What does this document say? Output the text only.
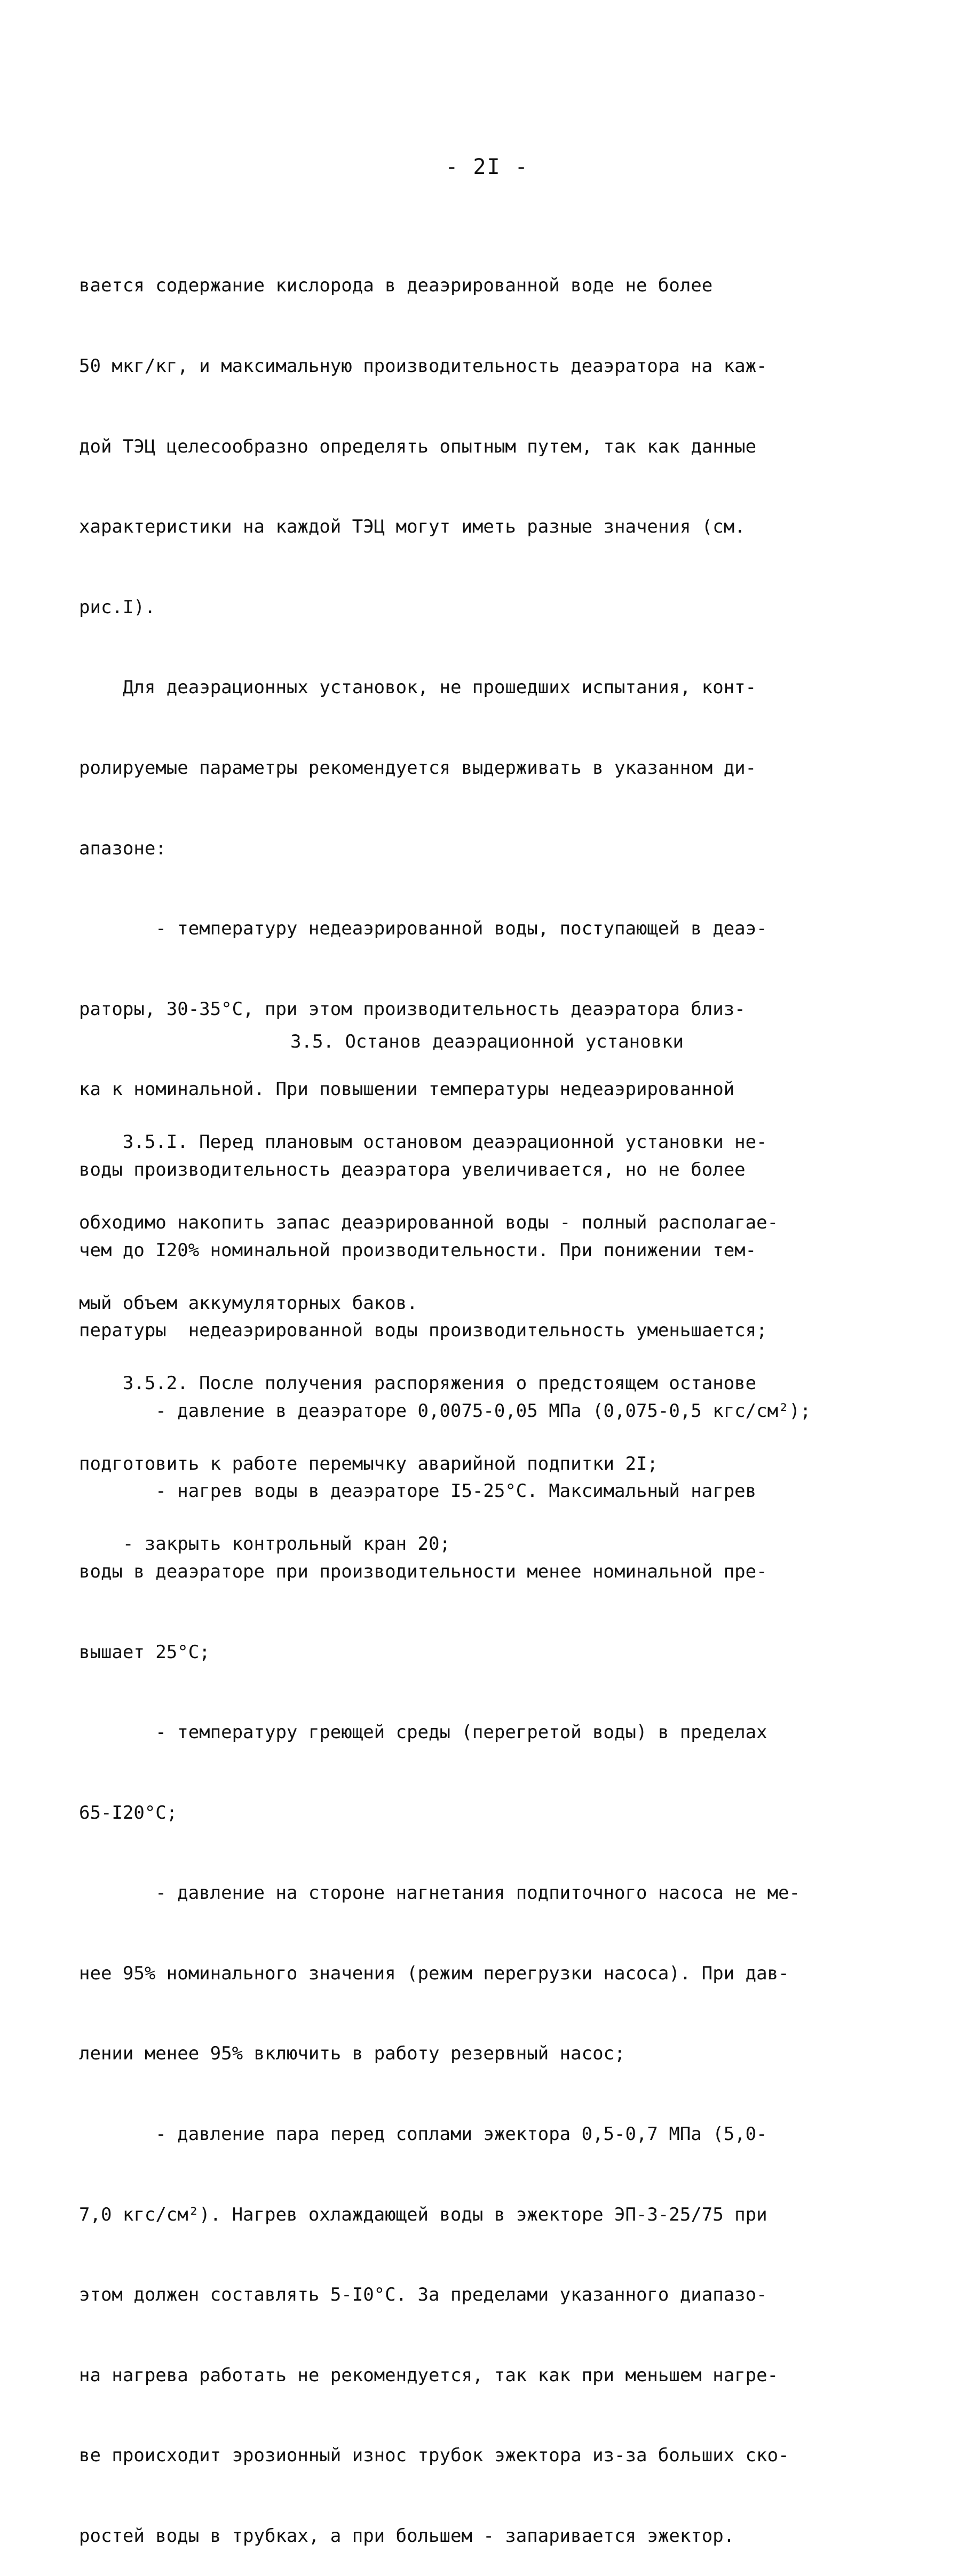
- 2I -

вается содержание кислорода в деаэрированной воде не более

50 мкг/кг, и максимальную производительность деаэратора на каж-

дой ТЭЦ целесообразно определять опытным путем, так как данные

характеристики на каждой ТЭЦ могут иметь разные значения (см.

рис.I).

Для деаэрационных установок, не прошедших испытания, конт-

ролируемые параметры рекомендуется выдерживать в указанном ди-

апазоне:

- температуру недеаэрированной воды, поступающей в деаэ-

раторы, 30-35°С, при этом производительность деаэратора близ-

ка к номинальной. При повышении температуры недеаэрированной

воды производительность деаэратора увеличивается, но не более

чем до I20% номинальной производительности. При понижении тем-

пературы  недеаэрированной воды производительность уменьшается;

- давление в деаэраторе 0,0075-0,05 МПа (0,075-0,5 кгс/см²);

- нагрев воды в деаэраторе I5-25°С. Максимальный нагрев

воды в деаэраторе при производительности менее номинальной пре-

вышает 25°С;

- температуру греющей среды (перегретой воды) в пределах

65-I20°С;

- давление на стороне нагнетания подпиточного насоса не ме-

нее 95% номинального значения (режим перегрузки насоса). При дав-

лении менее 95% включить в работу резервный насос;

- давление пара перед соплами эжектора 0,5-0,7 МПа (5,0-

7,0 кгс/см²). Нагрев охлаждающей воды в эжекторе ЭП-3-25/75 при

этом должен составлять 5-I0°С. За пределами указанного диапазо-

на нагрева работать не рекомендуется, так как при меньшем нагре-

ве происходит эрозионный износ трубок эжектора из-за больших ско-

ростей воды в трубках, а при большем - запаривается эжектор.

3.5. Останов деаэрационной установки

3.5.I. Перед плановым остановом деаэрационной установки не-

обходимо накопить запас деаэрированной воды - полный располагае-

мый объем аккумуляторных баков.

3.5.2. После получения распоряжения о предстоящем останове

подготовить к работе перемычку аварийной подпитки 2I;

- закрыть контрольный кран 20;
